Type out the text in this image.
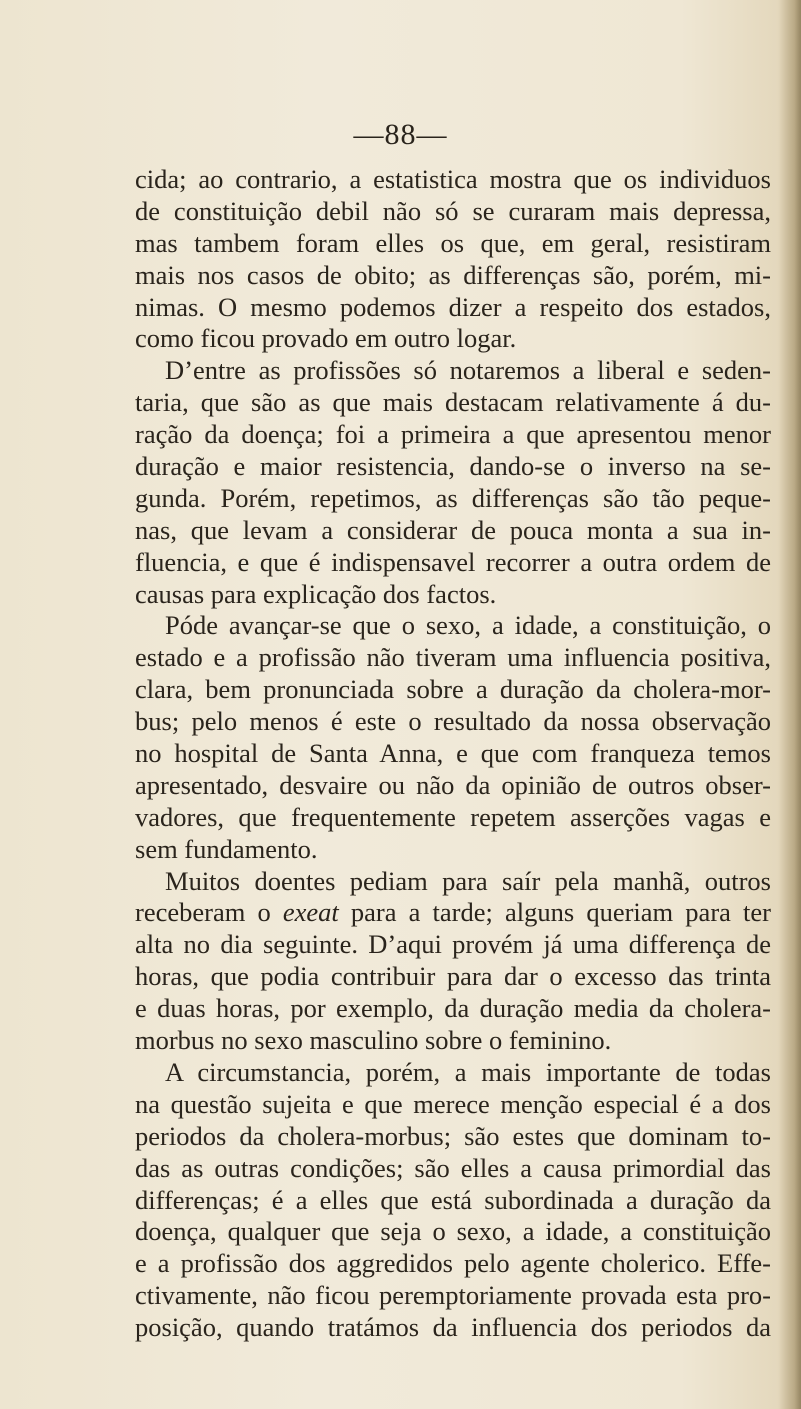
—88—
cida; ao contrario, a estatistica mostra que os individuos
de constituição debil não só se curaram mais depressa,
mas tambem foram elles os que, em geral, resistiram
mais nos casos de obito; as differenças são, porém, mi-
nimas. O mesmo podemos dizer a respeito dos estados,
como ficou provado em outro logar.
D’entre as profissões só notaremos a liberal e seden-
taria, que são as que mais destacam relativamente á du-
ração da doença; foi a primeira a que apresentou menor
duração e maior resistencia, dando-se o inverso na se-
gunda. Porém, repetimos, as differenças são tão peque-
nas, que levam a considerar de pouca monta a sua in-
fluencia, e que é indispensavel recorrer a outra ordem de
causas para explicação dos factos.
Póde avançar-se que o sexo, a idade, a constituição, o
estado e a profissão não tiveram uma influencia positiva,
clara, bem pronunciada sobre a duração da cholera-mor-
bus; pelo menos é este o resultado da nossa observação
no hospital de Santa Anna, e que com franqueza temos
apresentado, desvaire ou não da opinião de outros obser-
vadores, que frequentemente repetem asserções vagas e
sem fundamento.
Muitos doentes pediam para saír pela manhã, outros
receberam o exeat para a tarde; alguns queriam para ter
alta no dia seguinte. D’aqui provém já uma differença de
horas, que podia contribuir para dar o excesso das trinta
e duas horas, por exemplo, da duração media da cholera-
morbus no sexo masculino sobre o feminino.
A circumstancia, porém, a mais importante de todas
na questão sujeita e que merece menção especial é a dos
periodos da cholera-morbus; são estes que dominam to-
das as outras condições; são elles a causa primordial das
differenças; é a elles que está subordinada a duração da
doença, qualquer que seja o sexo, a idade, a constituição
e a profissão dos aggredidos pelo agente cholerico. Effe-
ctivamente, não ficou peremptoriamente provada esta pro-
posição, quando tratámos da influencia dos periodos da
